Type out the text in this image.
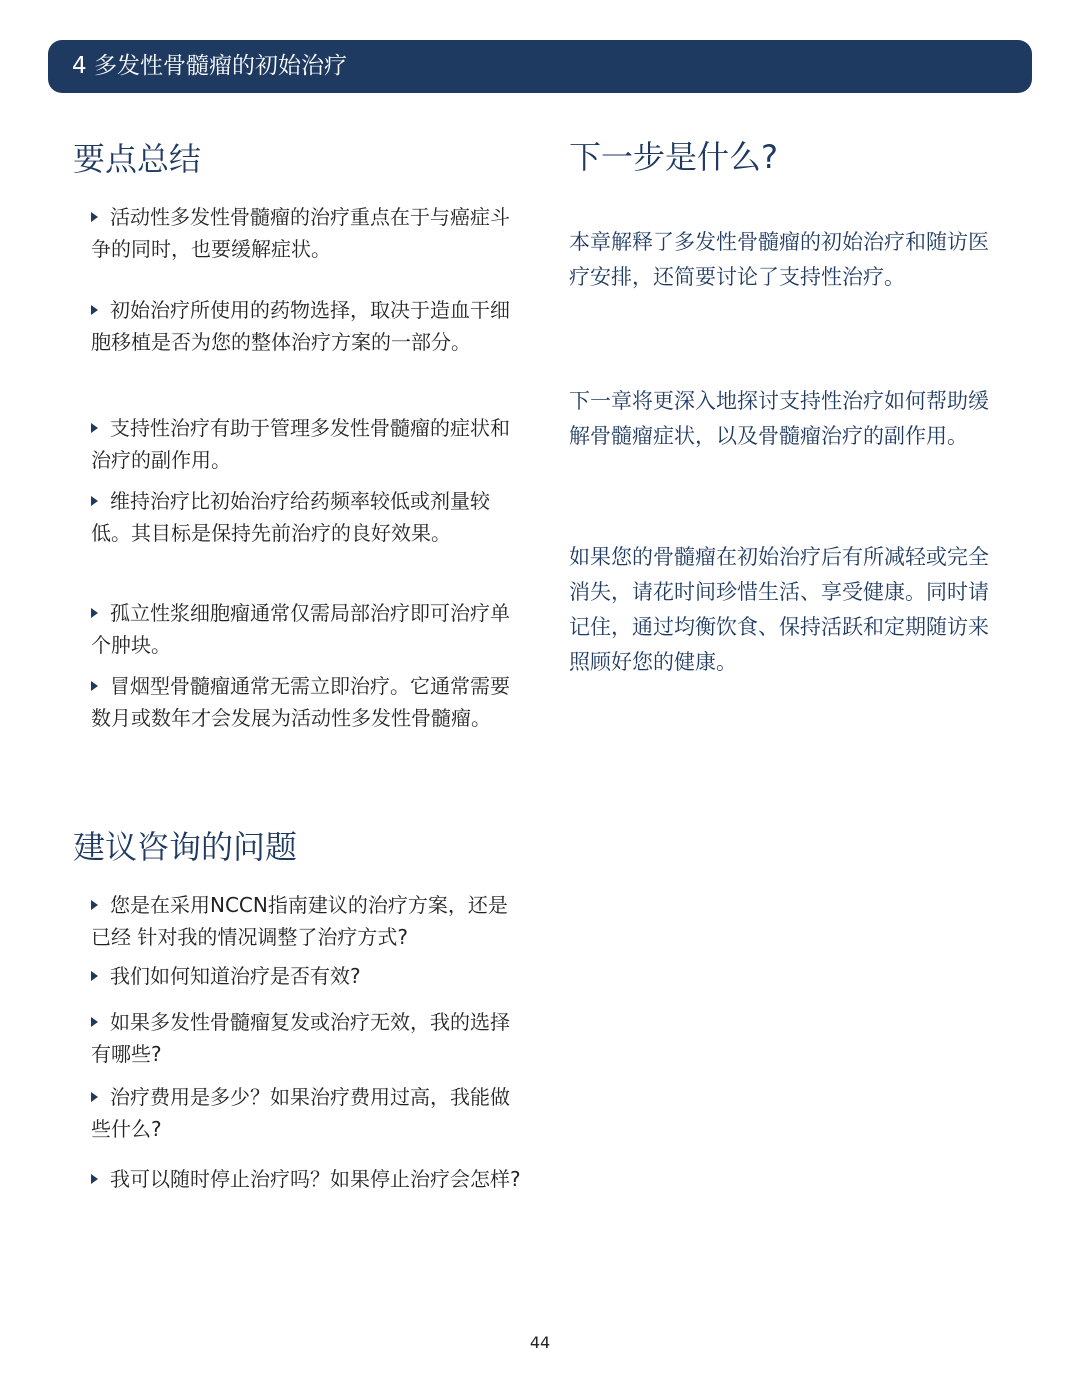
4 多发性骨髓瘤的初始治疗
要点总结
活动性多发性骨髓瘤的治疗重点在于与癌症斗争的同时，也要缓解症状。
初始治疗所使用的药物选择，取决于造血干细胞移植是否为您的整体治疗方案的一部分。
支持性治疗有助于管理多发性骨髓瘤的症状和治疗的副作用。
维持治疗比初始治疗给药频率较低或剂量较低。其目标是保持先前治疗的良好效果。
孤立性浆细胞瘤通常仅需局部治疗即可治疗单个肿块。
冒烟型骨髓瘤通常无需立即治疗。它通常需要数月或数年才会发展为活动性多发性骨髓瘤。
建议咨询的问题
您是在采用NCCN指南建议的治疗方案，还是已经 针对我的情况调整了治疗方式?
我们如何知道治疗是否有效?
如果多发性骨髓瘤复发或治疗无效，我的选择有哪些?
治疗费用是多少？如果治疗费用过高，我能做些什么?
我可以随时停止治疗吗？如果停止治疗会怎样?
下一步是什么?

本章解释了多发性骨髓瘤的初始治疗和随访医疗安排，还简要讨论了支持性治疗。

下一章将更深入地探讨支持性治疗如何帮助缓解骨髓瘤症状，以及骨髓瘤治疗的副作用。

如果您的骨髓瘤在初始治疗后有所减轻或完全消失，请花时间珍惜生活、享受健康。同时请记住，通过均衡饮食、保持活跃和定期随访来照顾好您的健康。

44
